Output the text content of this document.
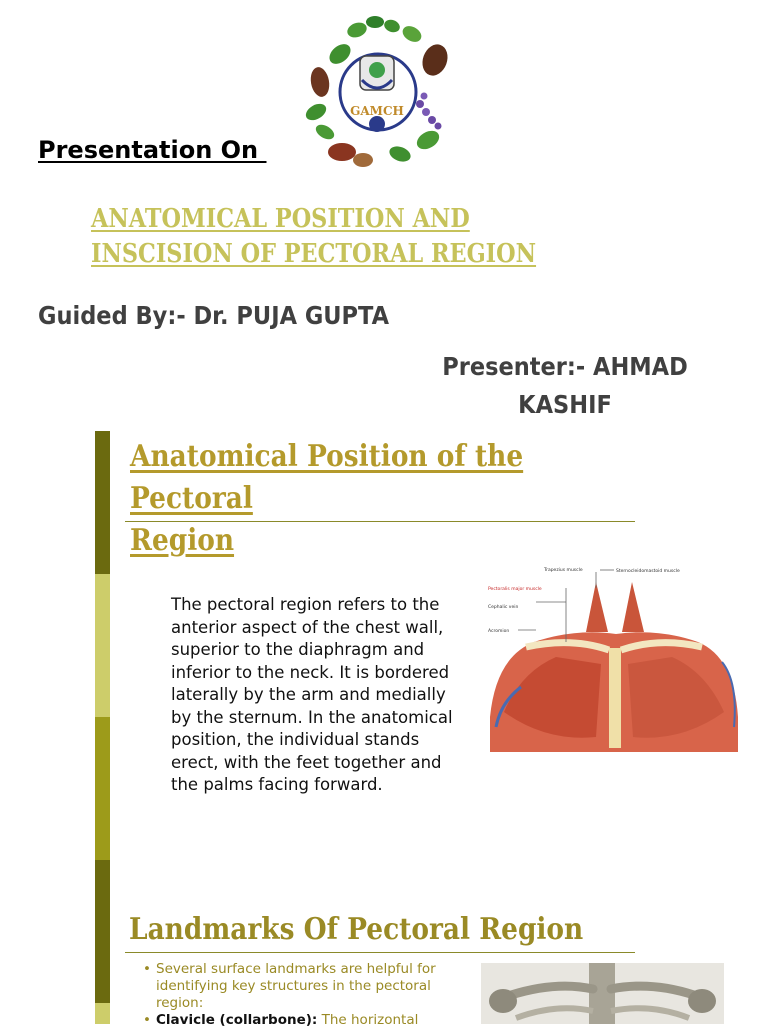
GAMCH

Presentation On

ANATOMICAL POSITION AND
INSCISION OF PECTORAL REGION

Guided By:- Dr. PUJA GUPTA

Presenter:- AHMAD
KASHIF

Anatomical Position of the Pectoral
Region

The pectoral region refers to the anterior aspect of the chest wall, superior to the diaphragm and inferior to the neck. It is bordered laterally by the arm and medially by the sternum. In the anatomical position, the individual stands erect, with the feet together and the palms facing forward.

Trapezius muscle	Sternocleidomastoid muscle
Pectoralis major muscle
Cephalic vein
Acromion
Landmarks Of Pectoral Region
• Several surface landmarks are helpful for identifying key structures in the pectoral region:
• Clavicle (collarbone): The horizontal
